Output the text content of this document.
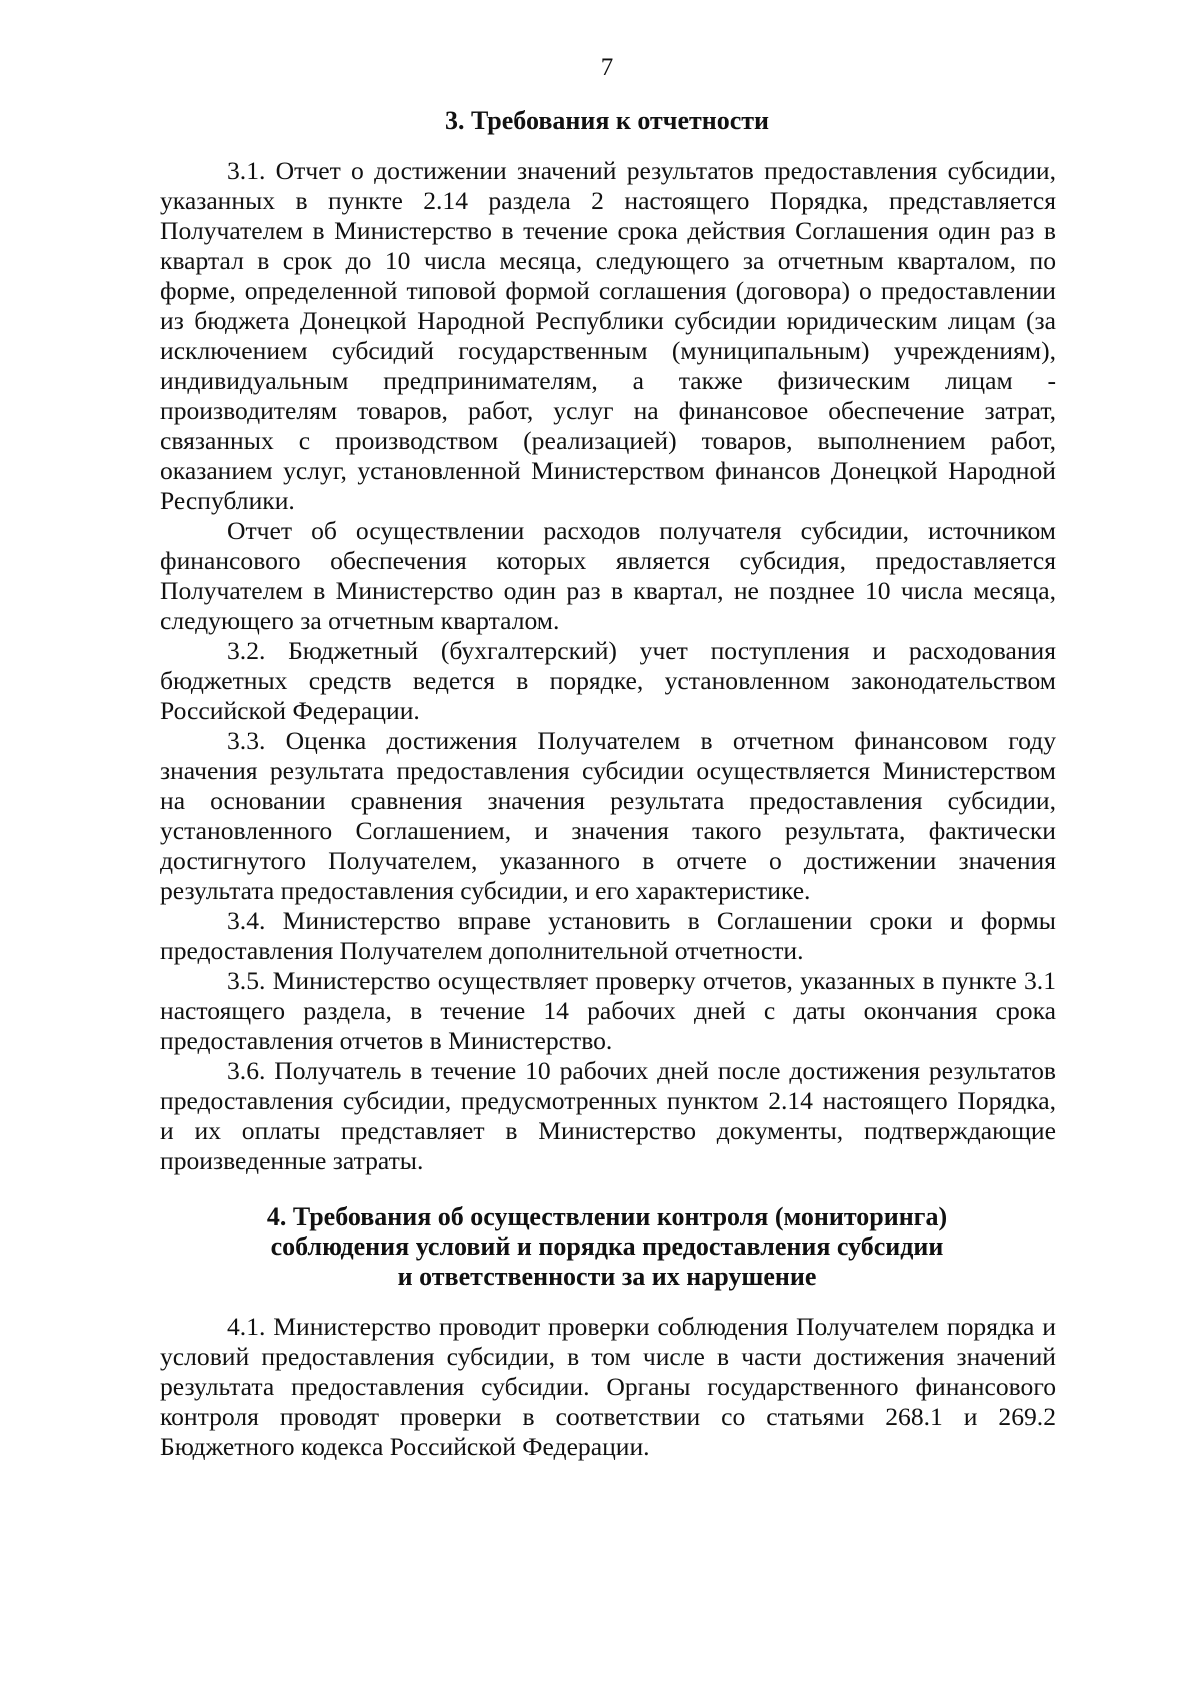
7
3. Требования к отчетности

3.1. Отчет о достижении значений результатов предоставления субсидии, указанных в пункте 2.14 раздела 2 настоящего Порядка, представляется Получателем в Министерство в течение срока действия Соглашения один раз в квартал в срок до 10 числа месяца, следующего за отчетным кварталом, по форме, определенной типовой формой соглашения (договора) о предоставлении из бюджета Донецкой Народной Республики субсидии юридическим лицам (за исключением субсидий государственным (муниципальным) учреждениям), индивидуальным предпринимателям, а также физическим лицам - производителям товаров, работ, услуг на финансовое обеспечение затрат, связанных с производством (реализацией) товаров, выполнением работ, оказанием услуг, установленной Министерством финансов Донецкой Народной Республики.

Отчет об осуществлении расходов получателя субсидии, источником финансового обеспечения которых является субсидия, предоставляется Получателем в Министерство один раз в квартал, не позднее 10 числа месяца, следующего за отчетным кварталом.

3.2. Бюджетный (бухгалтерский) учет поступления и расходования бюджетных средств ведется в порядке, установленном законодательством Российской Федерации.

3.3. Оценка достижения Получателем в отчетном финансовом году значения результата предоставления субсидии осуществляется Министерством на основании сравнения значения результата предоставления субсидии, установленного Соглашением, и значения такого результата, фактически достигнутого Получателем, указанного в отчете о достижении значения результата предоставления субсидии, и его характеристике.

3.4. Министерство вправе установить в Соглашении сроки и формы предоставления Получателем дополнительной отчетности.

3.5. Министерство осуществляет проверку отчетов, указанных в пункте 3.1 настоящего раздела, в течение 14 рабочих дней с даты окончания срока предоставления отчетов в Министерство.

3.6. Получатель в течение 10 рабочих дней после достижения результатов предоставления субсидии, предусмотренных пунктом 2.14 настоящего Порядка, и их оплаты представляет в Министерство документы, подтверждающие произведенные затраты.

4. Требования об осуществлении контроля (мониторинга)
соблюдения условий и порядка предоставления субсидии
и ответственности за их нарушение

4.1. Министерство проводит проверки соблюдения Получателем порядка и условий предоставления субсидии, в том числе в части достижения значений результата предоставления субсидии. Органы государственного финансового контроля проводят проверки в соответствии со статьями 268.1 и 269.2 Бюджетного кодекса Российской Федерации.
